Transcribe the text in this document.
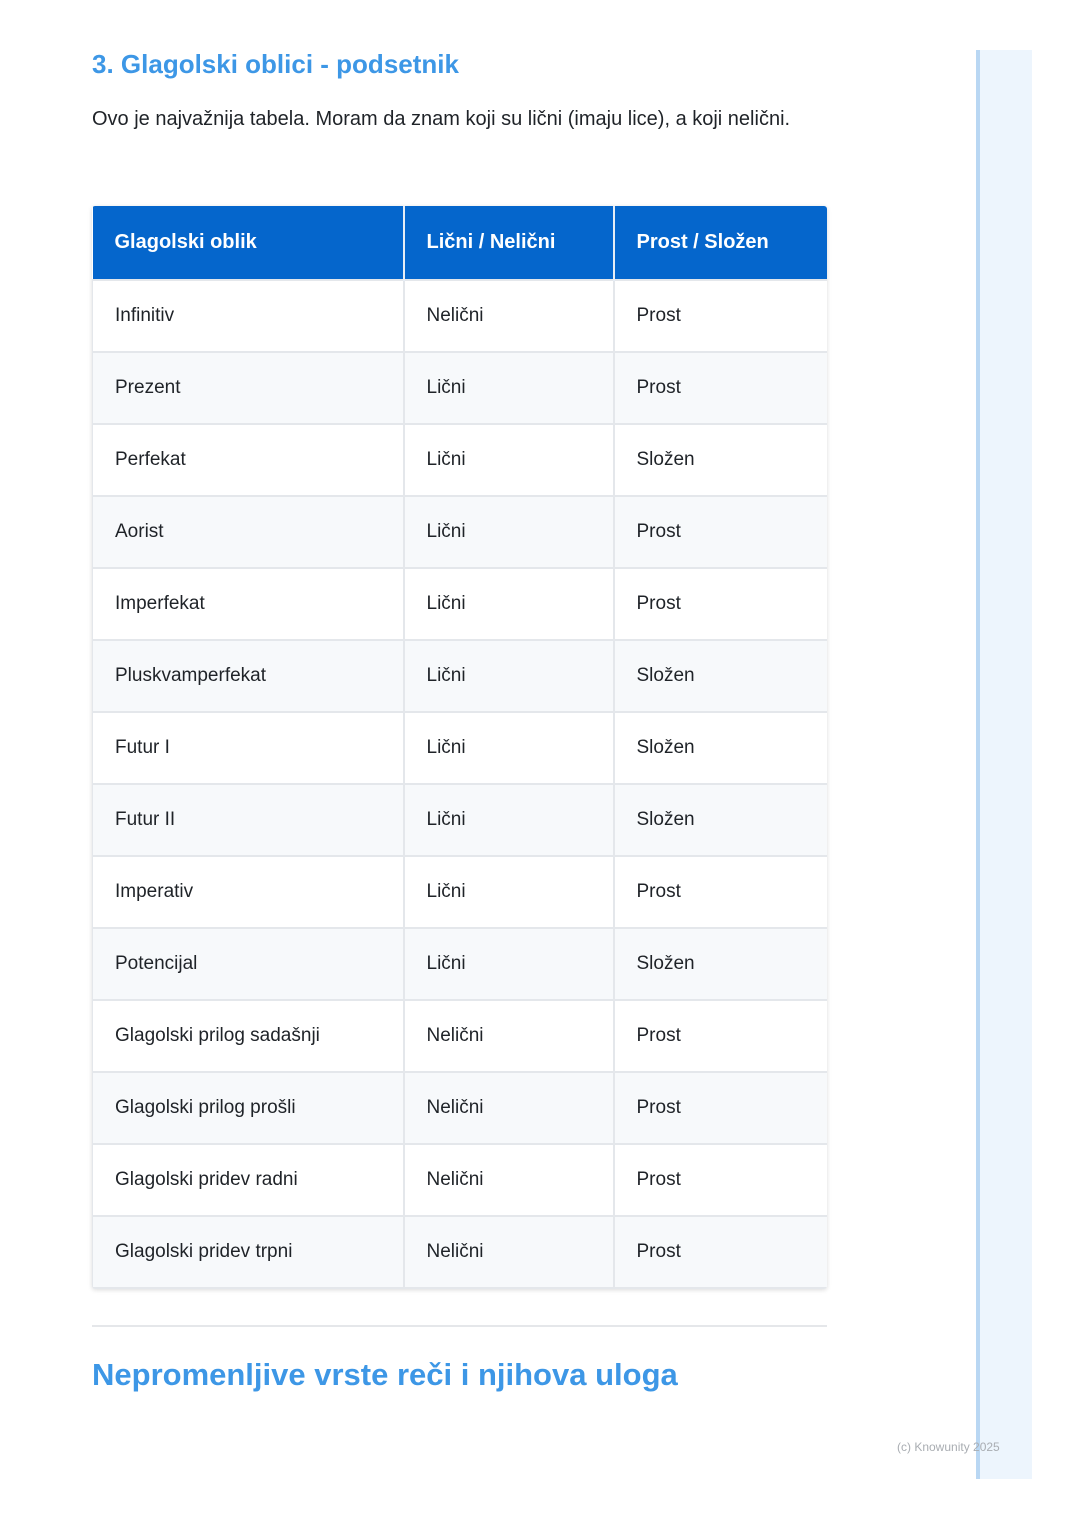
3. Glagolski oblici - podsetnik

Ovo je najvažnija tabela. Moram da znam koji su lični (imaju lice), a koji nelični.

Glagolski oblik	Lični / Nelični	Prost / Složen
Infinitiv	Nelični	Prost
Prezent	Lični	Prost
Perfekat	Lični	Složen
Aorist	Lični	Prost
Imperfekat	Lični	Prost
Pluskvamperfekat	Lični	Složen
Futur I	Lični	Složen
Futur II	Lični	Složen
Imperativ	Lični	Prost
Potencijal	Lični	Složen
Glagolski prilog sadašnji	Nelični	Prost
Glagolski prilog prošli	Nelični	Prost
Glagolski pridev radni	Nelični	Prost
Glagolski pridev trpni	Nelični	Prost
Nepromenljive vrste reči i njihova uloga
(c) Knowunity 2025
